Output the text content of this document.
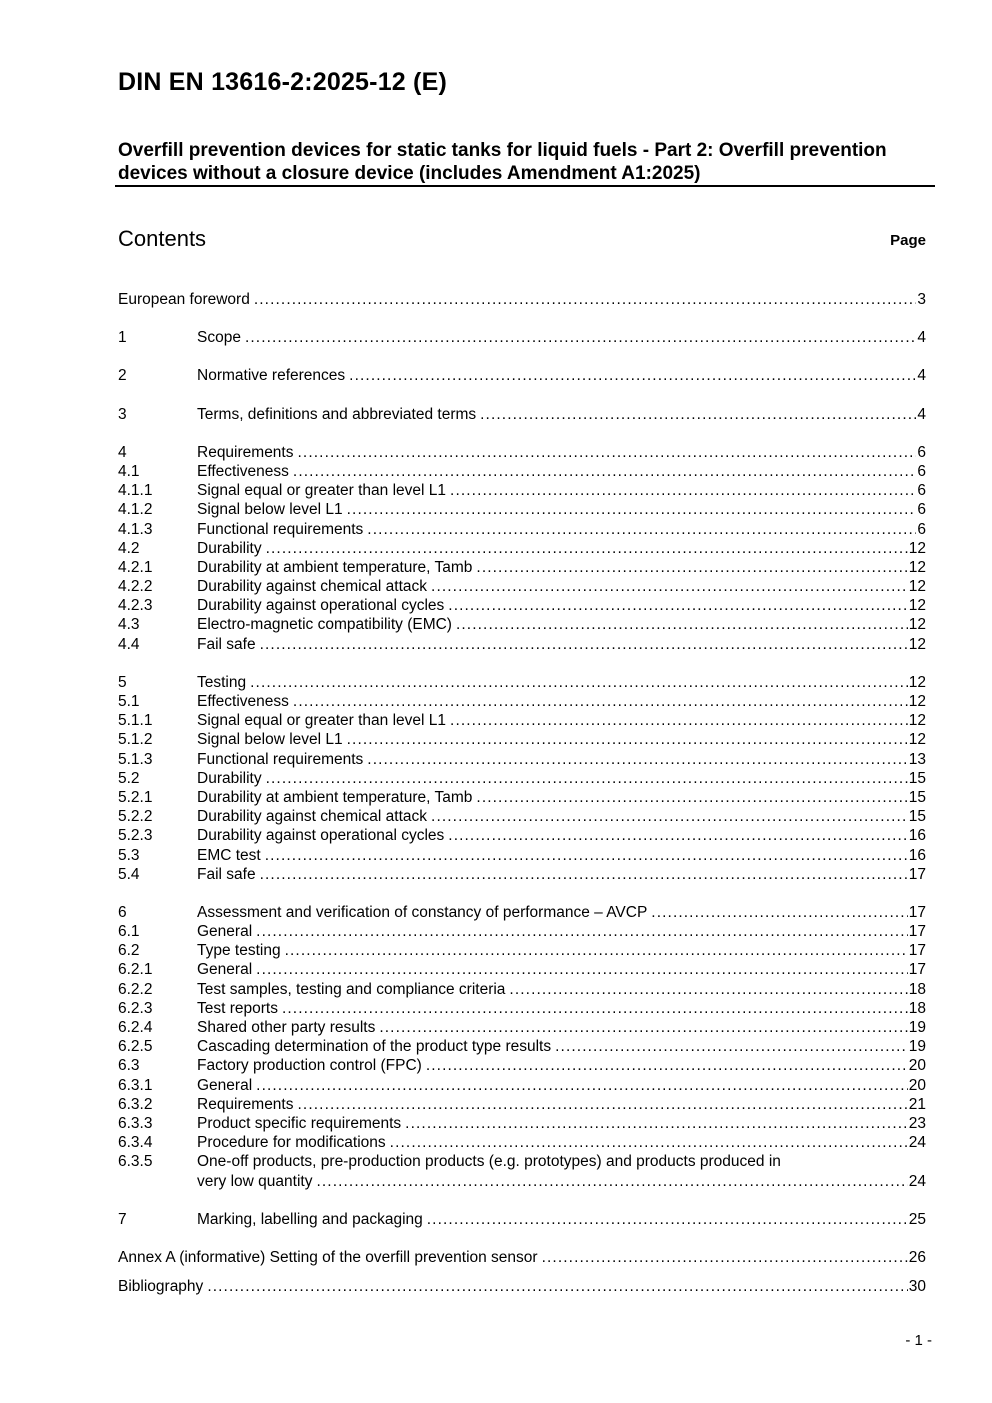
DIN EN 13616-2:2025-12 (E)
Overfill prevention devices for static tanks for liquid fuels - Part 2: Overfill prevention devices without a closure device (includes Amendment A1:2025)
Contents	Page
European foreword . . .	3
1	Scope . . .	4
2	Normative references . . .	4
3	Terms, definitions and abbreviated terms . . .	4
4	Requirements . . .	6
4.1	Effectiveness . . .	6
4.1.1	Signal equal or greater than level L1 . . .	6
4.1.2	Signal below level L1 . . .	6
4.1.3	Functional requirements . . .	6
4.2	Durability . . .	12
4.2.1	Durability at ambient temperature, Tamb . . .	12
4.2.2	Durability against chemical attack . . .	12
4.2.3	Durability against operational cycles . . .	12
4.3	Electro-magnetic compatibility (EMC) . . .	12
4.4	Fail safe . . .	12
5	Testing . . .	12
5.1	Effectiveness . . .	12
5.1.1	Signal equal or greater than level L1 . . .	12
5.1.2	Signal below level L1 . . .	12
5.1.3	Functional requirements . . .	13
5.2	Durability . . .	15
5.2.1	Durability at ambient temperature, Tamb . . .	15
5.2.2	Durability against chemical attack . . .	15
5.2.3	Durability against operational cycles . . .	16
5.3	EMC test . . .	16
5.4	Fail safe . . .	17
6	Assessment and verification of constancy of performance – AVCP . . .	17
6.1	General . . .	17
6.2	Type testing . . .	17
6.2.1	General . . .	17
6.2.2	Test samples, testing and compliance criteria . . .	18
6.2.3	Test reports . . .	18
6.2.4	Shared other party results . . .	19
6.2.5	Cascading determination of the product type results . . .	19
6.3	Factory production control (FPC) . . .	20
6.3.1	General . . .	20
6.3.2	Requirements . . .	21
6.3.3	Product specific requirements . . .	23
6.3.4	Procedure for modifications . . .	24
6.3.5	One-off products, pre-production products (e.g. prototypes) and products produced in
very low quantity . . .	24
7	Marking, labelling and packaging . . .	25
Annex A (informative) Setting of the overfill prevention sensor . . .	26
Bibliography . . .	30
- 1 -
